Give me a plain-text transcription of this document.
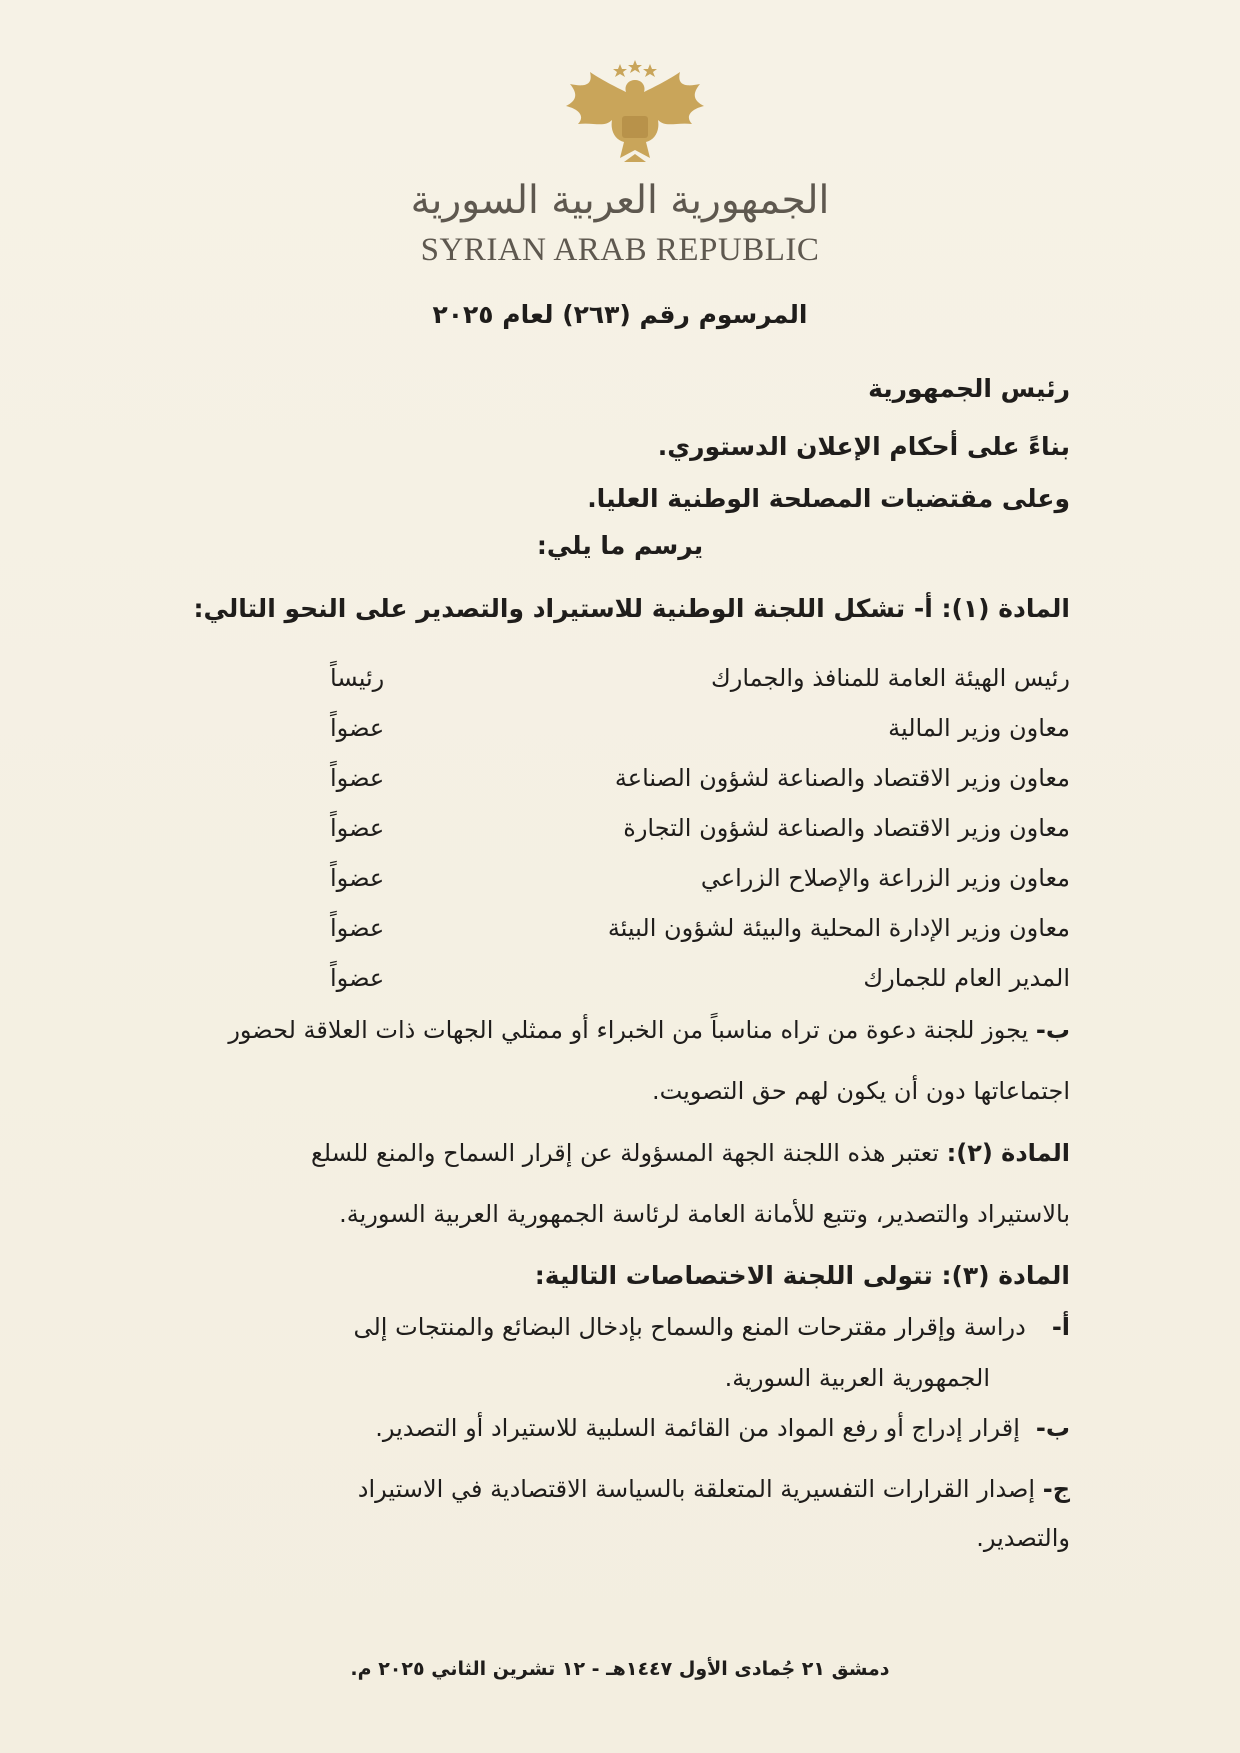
الجمهورية العربية السورية
SYRIAN ARAB REPUBLIC
المرسوم رقم (٢٦٣) لعام ٢٠٢٥
رئيس الجمهورية
بناءً على أحكام الإعلان الدستوري.
وعلى مقتضيات المصلحة الوطنية العليا.
يرسم ما يلي:
المادة (١): أ- تشكل اللجنة الوطنية للاستيراد والتصدير على النحو التالي:
رئيس الهيئة العامة للمنافذ والجمارك
رئيساً
معاون وزير المالية
عضواً
معاون وزير الاقتصاد والصناعة لشؤون الصناعة
عضواً
معاون وزير الاقتصاد والصناعة لشؤون التجارة
عضواً
معاون وزير الزراعة والإصلاح الزراعي
عضواً
معاون وزير الإدارة المحلية والبيئة لشؤون البيئة
عضواً
المدير العام للجمارك
عضواً
ب- يجوز للجنة دعوة من تراه مناسباً من الخبراء أو ممثلي الجهات ذات العلاقة لحضور
اجتماعاتها دون أن يكون لهم حق التصويت.
المادة (٢): تعتبر هذه اللجنة الجهة المسؤولة عن إقرار السماح والمنع للسلع
بالاستيراد والتصدير، وتتبع للأمانة العامة لرئاسة الجمهورية العربية السورية.
المادة (٣): تتولى اللجنة الاختصاصات التالية:
أ-دراسة وإقرار مقترحات المنع والسماح بإدخال البضائع والمنتجات إلى
الجمهورية العربية السورية.
ب-إقرار إدراج أو رفع المواد من القائمة السلبية للاستيراد أو التصدير.
ج- إصدار القرارات التفسيرية المتعلقة بالسياسة الاقتصادية في الاستيراد
والتصدير.
دمشق ٢١ جُمادى الأول ١٤٤٧هـ - ١٢ تشرين الثاني ٢٠٢٥ م.
